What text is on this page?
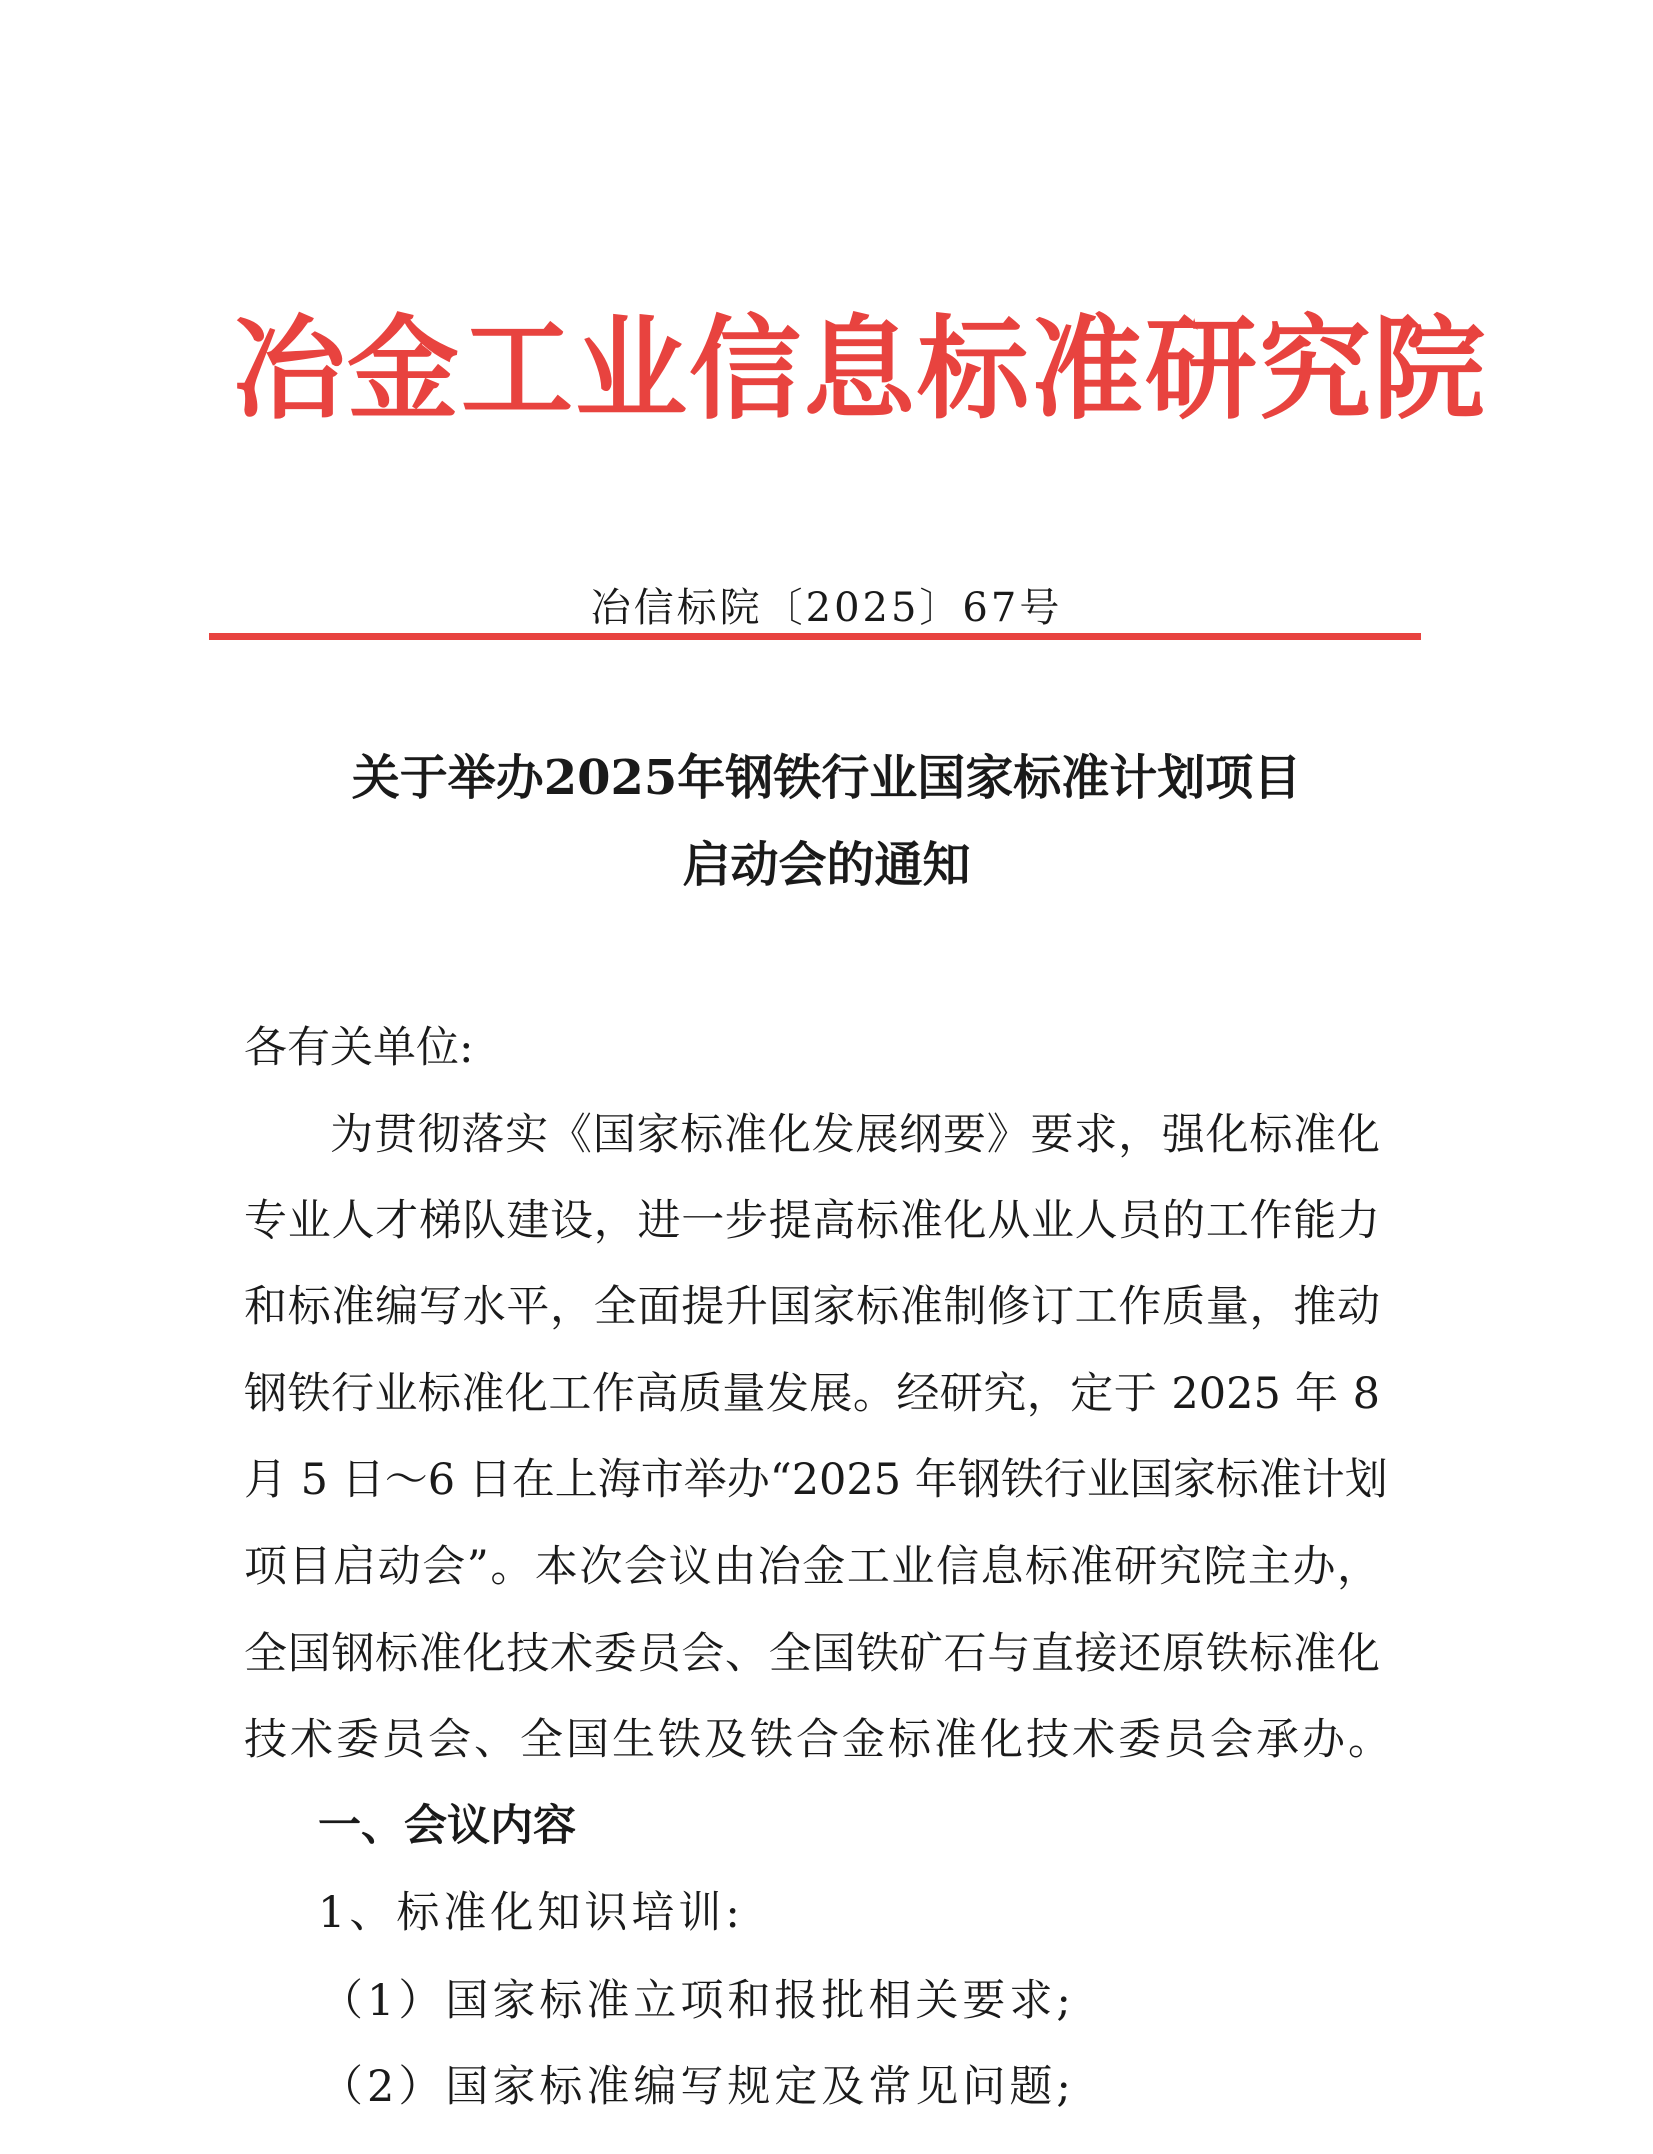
冶金工业信息标准研究院
冶信标院〔2025〕67号
关于举办2025年钢铁行业国家标准计划项目
启动会的通知
各有关单位:
为贯彻落实《国家标准化发展纲要》要求，强化标准化
专业人才梯队建设，进一步提高标准化从业人员的工作能力
和标准编写水平，全面提升国家标准制修订工作质量，推动
钢铁行业标准化工作高质量发展。经研究，定于 2025 年 8
月 5 日～6 日在上海市举办“2025 年钢铁行业国家标准计划
项目启动会”。本次会议由冶金工业信息标准研究院主办，
全国钢标准化技术委员会、全国铁矿石与直接还原铁标准化
技术委员会、全国生铁及铁合金标准化技术委员会承办。
一、会议内容
1、标准化知识培训:
（1）国家标准立项和报批相关要求;
（2）国家标准编写规定及常见问题;
